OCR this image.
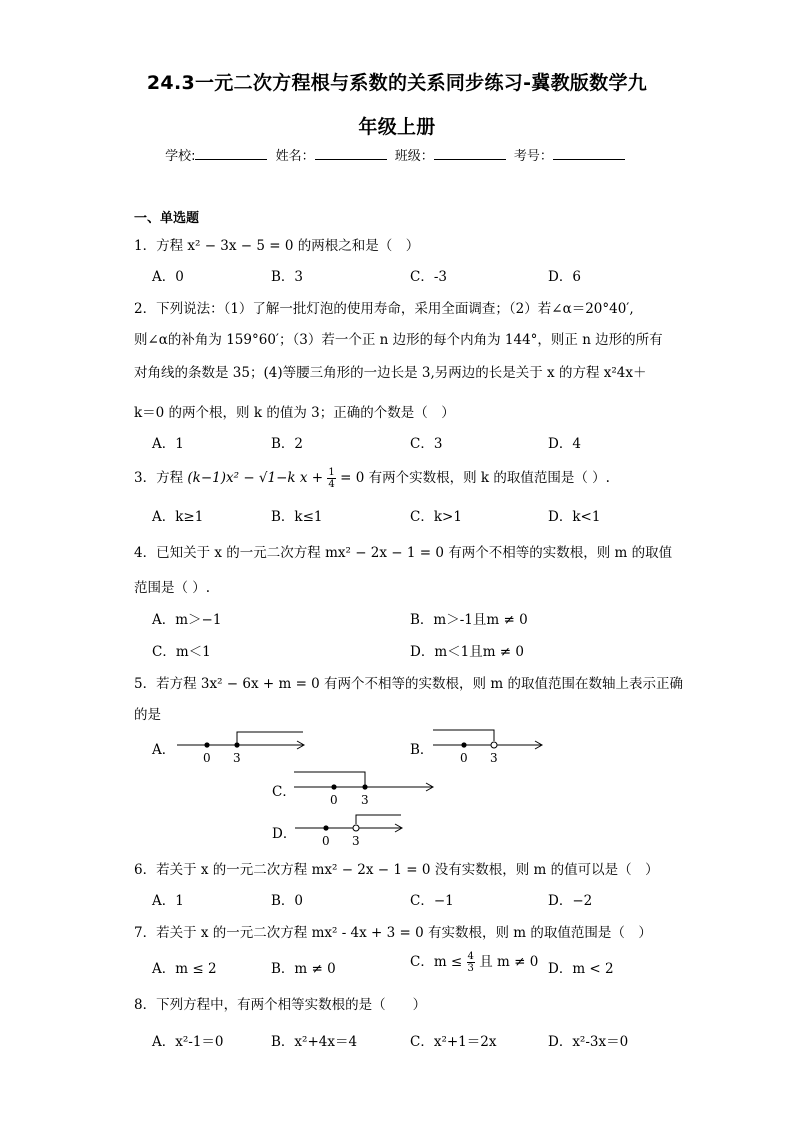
24.3一元二次方程根与系数的关系同步练习-冀教版数学九
年级上册
学校:	姓名：	班级：	考号：
一、单选题
1．方程 x² − 3x − 5 = 0 的两根之和是（　）
A．0	B．3	C．-3	D．6
2．下列说法：（1）了解一批灯泡的使用寿命，采用全面调查；（2）若∠α＝20°40′,
则∠α的补角为 159°60′；（3）若一个正 n 边形的每个内角为 144°，则正 n 边形的所有
对角线的条数是 35；(4)等腰三角形的一边长是 3,另两边的长是关于 x 的方程 x²4x＋
k＝0 的两个根，则 k 的值为 3；正确的个数是（　）
A．1	B．2	C．3	D．4
3．方程 (k−1)x² − √1−k $x + \frac{1}{4} = 0$ 有两个实数根，则 k 的取值范围是（ ）.
A．k≥1	B．k≤1	C．k>1	D．k<1
4．已知关于 x 的一元二次方程 mx² − 2x − 1 = 0 有两个不相等的实数根，则 m 的取值
范围是（ ）.
A．m＞−1	B．m＞-1且m ≠ 0
C．m＜1	D．m＜1且m ≠ 0
5．若方程 3x² − 6x + m = 0 有两个不相等的实数根，则 m 的取值范围在数轴上表示正确
的是
A． 0 3	B． 0 3
C．	0 3
D． 0 3
6．若关于 x 的一元二次方程 mx² − 2x − 1 = 0 没有实数根，则 m 的值可以是（　）
A．1	B．0	C．−1	D．−2
7．若关于 x 的一元二次方程 mx² - 4x + 3 = 0 有实数根，则 m 的取值范围是（　）
A．m ≤ 2	B．m ≠ 0	C．$m \le \frac{4}{3}$ 且 m ≠ 0 D．m < 2
8．下列方程中，有两个相等实数根的是（　　）
A．x²-1＝0	B．x²+4x＝4	C．x²+1＝2x	D．x²-3x＝0
